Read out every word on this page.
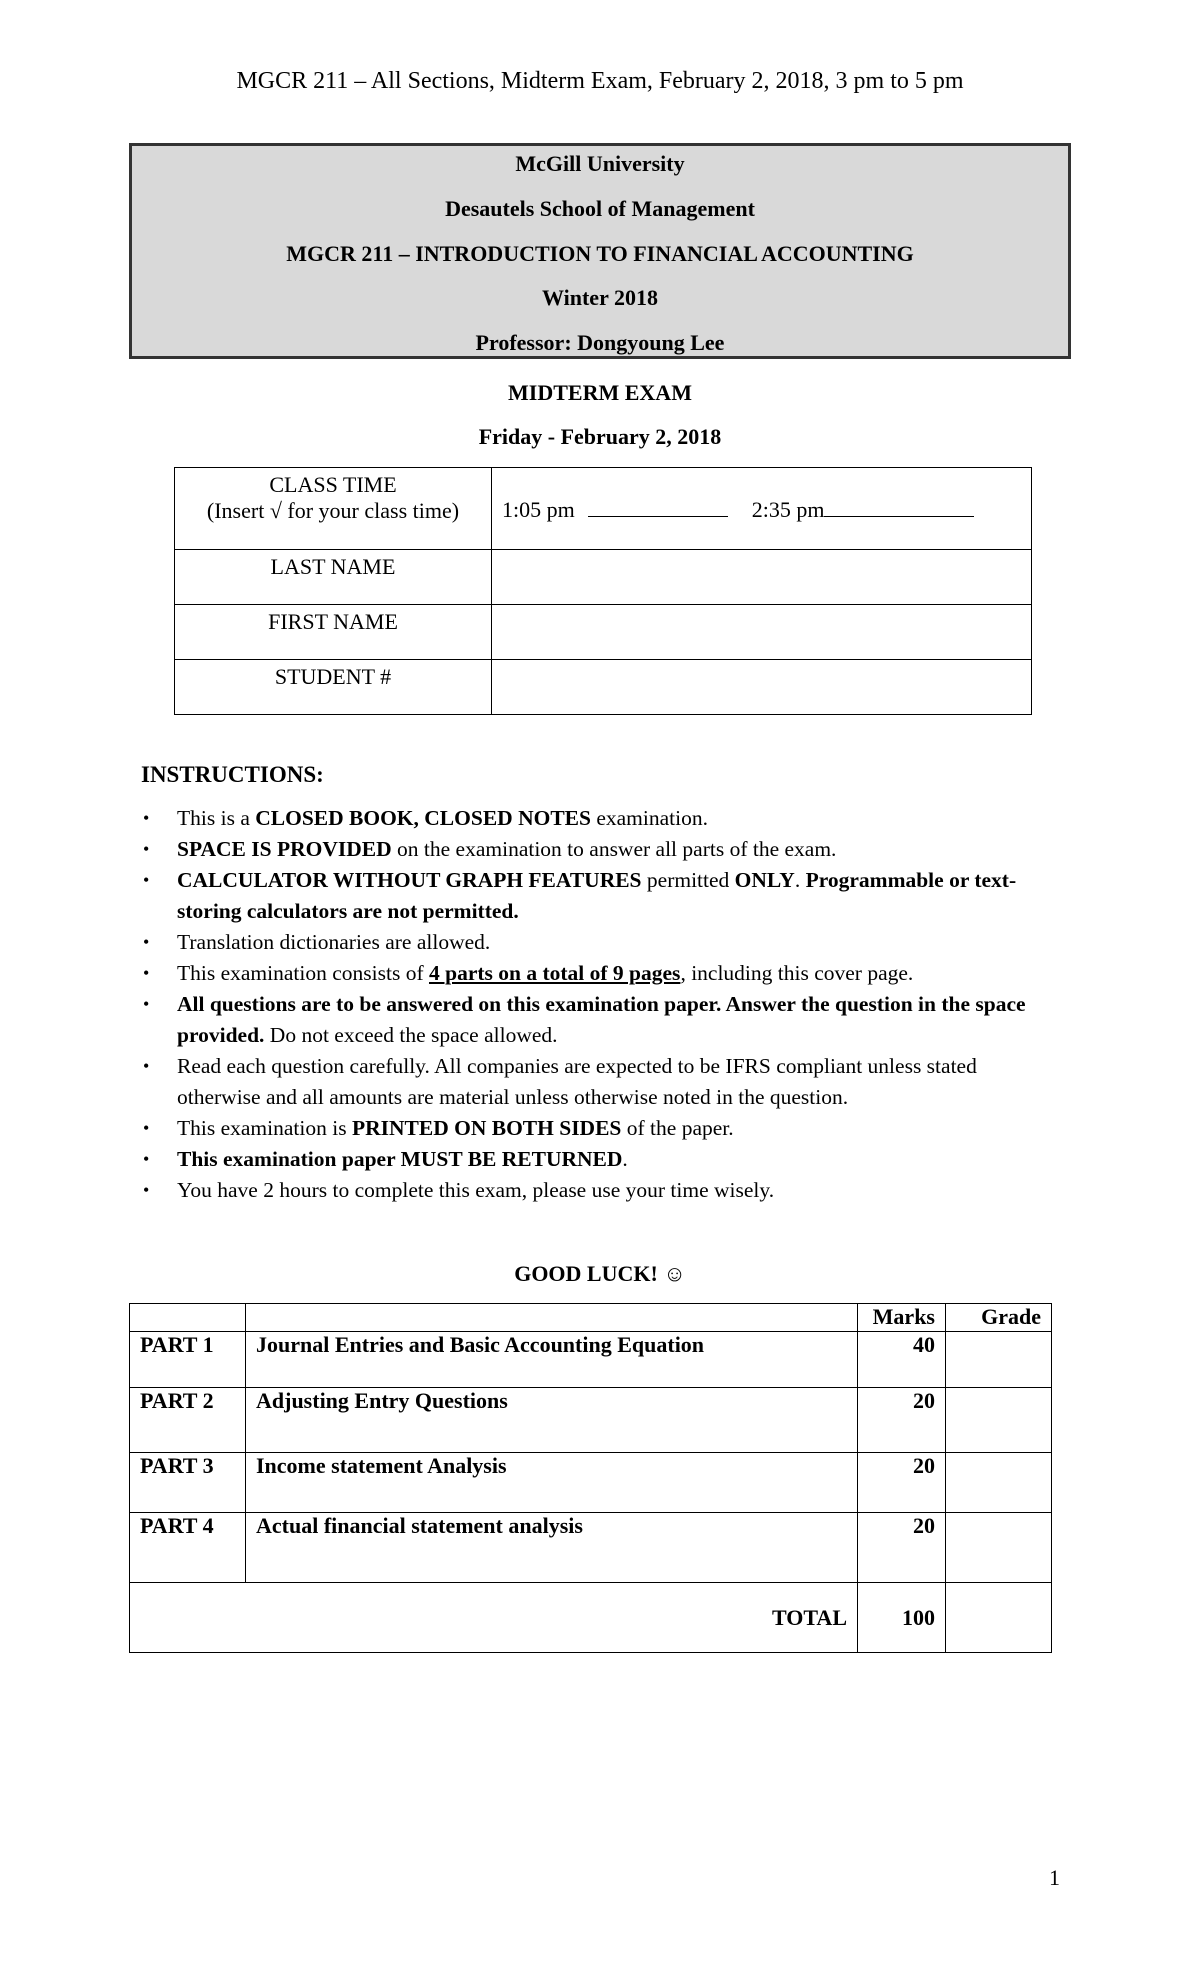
MGCR 211 – All Sections, Midterm Exam, February 2, 2018, 3 pm to 5 pm
McGill University
Desautels School of Management
MGCR 211 – INTRODUCTION TO FINANCIAL ACCOUNTING
Winter 2018
Professor: Dongyoung Lee
MIDTERM EXAM
Friday - February 2, 2018
CLASS TIME
(Insert √ for your class time)	1:05 pm 2:35 pm
LAST NAME	
FIRST NAME	
STUDENT #	
INSTRUCTIONS:
• This is a CLOSED BOOK, CLOSED NOTES examination.
• SPACE IS PROVIDED on the examination to answer all parts of the exam.
• CALCULATOR WITHOUT GRAPH FEATURES permitted ONLY. Programmable or text-storing calculators are not permitted.
• Translation dictionaries are allowed.
• This examination consists of 4 parts on a total of 9 pages, including this cover page.
• All questions are to be answered on this examination paper. Answer the question in the space provided. Do not exceed the space allowed.
• Read each question carefully. All companies are expected to be IFRS compliant unless stated otherwise and all amounts are material unless otherwise noted in the question.
• This examination is PRINTED ON BOTH SIDES of the paper.
• This examination paper MUST BE RETURNED.
• You have 2 hours to complete this exam, please use your time wisely.
GOOD LUCK! ☺
		Marks	Grade
PART 1	Journal Entries and Basic Accounting Equation	40	
PART 2	Adjusting Entry Questions	20	
PART 3	Income statement Analysis	20	
PART 4	Actual financial statement analysis	20	
TOTAL		100	
1
